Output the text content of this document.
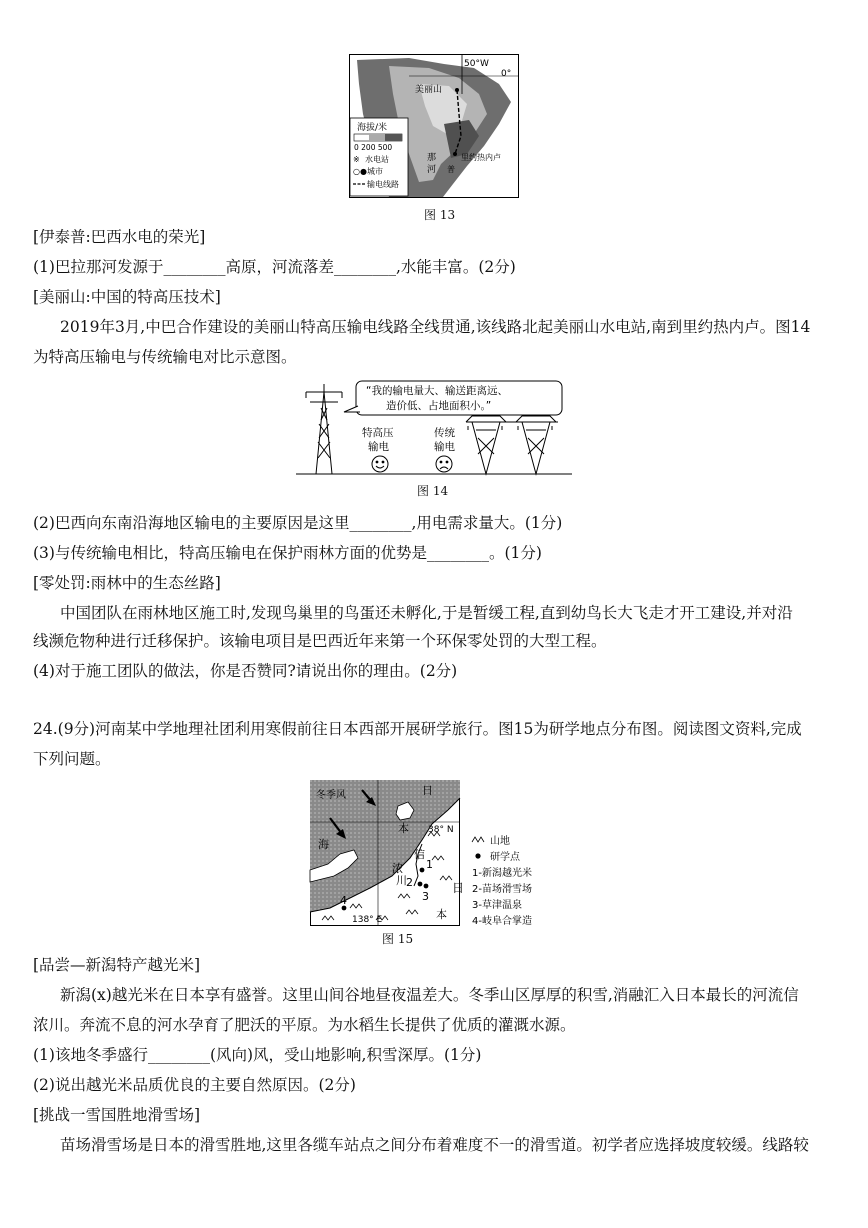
海拔/米
0 200 500
※ 水电站
○● 城市
输电线路
50°W
0°
美丽山
那
河
里约热内卢
普
图 13
[伊泰普:巴西水电的荣光]
(1)巴拉那河发源于________高原，河流落差________,水能丰富。(2分)
[美丽山:中国的特高压技术]
2019年3月,中巴合作建设的美丽山特高压输电线路全线贯通,该线路北起美丽山水电站,南到里约热内卢。图14
为特高压输电与传统输电对比示意图。
“我的输电量大、输送距离远、
造价低、占地面积小。”
特高压
输电
传统
输电
图 14
(2)巴西向东南沿海地区输电的主要原因是这里________,用电需求量大。(1分)
(3)与传统输电相比，特高压输电在保护雨林方面的优势是________。(1分)
[零处罚:雨林中的生态丝路]
中国团队在雨林地区施工时,发现鸟巢里的鸟蛋还未孵化,于是暂缓工程,直到幼鸟长大飞走才开工建设,并对沿
线濒危物种进行迁移保护。该输电项目是巴西近年来第一个环保零处罚的大型工程。
(4)对于施工团队的做法，你是否赞同?请说出你的理由。(2分)
24.(9分)河南某中学地理社团利用寒假前往日本西部开展研学旅行。图15为研学地点分布图。阅读图文资料,完成
下列问题。
冬季风	日
本
海
38° N
138° E
信
浓
川
1
2
3
4
日
本
山地
研学点
1-新潟越光米
2-苗场滑雪场
3-草津温泉
4-岐阜合掌造
图 15
[品尝—新潟特产越光米]
新潟(x)越光米在日本享有盛誉。这里山间谷地昼夜温差大。冬季山区厚厚的积雪,消融汇入日本最长的河流信
浓川。奔流不息的河水孕育了肥沃的平原。为水稻生长提供了优质的灌溉水源。
(1)该地冬季盛行________(风向)风，受山地影响,积雪深厚。(1分)
(2)说出越光米品质优良的主要自然原因。(2分)
[挑战一雪国胜地滑雪场]
苗场滑雪场是日本的滑雪胜地,这里各缆车站点之间分布着难度不一的滑雪道。初学者应选择坡度较缓。线路较
